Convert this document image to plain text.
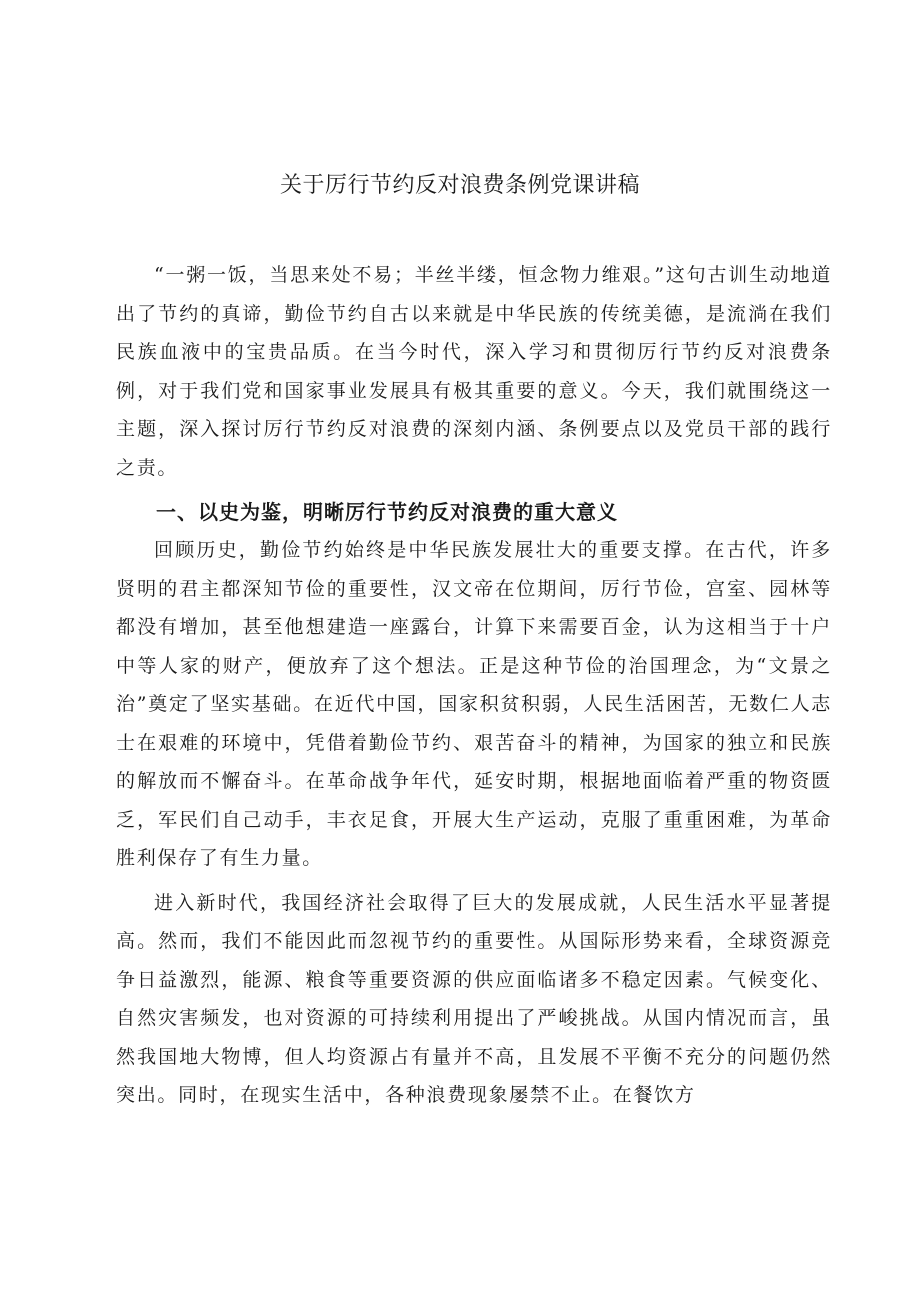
关于厉行节约反对浪费条例党课讲稿

“一粥一饭，当思来处不易；半丝半缕，恒念物力维艰。”这句古训生动地道出了节约的真谛，勤俭节约自古以来就是中华民族的传统美德，是流淌在我们民族血液中的宝贵品质。在当今时代，深入学习和贯彻厉行节约反对浪费条例，对于我们党和国家事业发展具有极其重要的意义。今天，我们就围绕这一主题，深入探讨厉行节约反对浪费的深刻内涵、条例要点以及党员干部的践行之责。

一、以史为鉴，明晰厉行节约反对浪费的重大意义

回顾历史，勤俭节约始终是中华民族发展壮大的重要支撑。在古代，许多贤明的君主都深知节俭的重要性，汉文帝在位期间，厉行节俭，宫室、园林等都没有增加，甚至他想建造一座露台，计算下来需要百金，认为这相当于十户中等人家的财产，便放弃了这个想法。正是这种节俭的治国理念，为“文景之治”奠定了坚实基础。在近代中国，国家积贫积弱，人民生活困苦，无数仁人志士在艰难的环境中，凭借着勤俭节约、艰苦奋斗的精神，为国家的独立和民族的解放而不懈奋斗。在革命战争年代，延安时期，根据地面临着严重的物资匮乏，军民们自己动手，丰衣足食，开展大生产运动，克服了重重困难，为革命胜利保存了有生力量。

进入新时代，我国经济社会取得了巨大的发展成就，人民生活水平显著提高。然而，我们不能因此而忽视节约的重要性。从国际形势来看，全球资源竞争日益激烈，能源、粮食等重要资源的供应面临诸多不稳定因素。气候变化、自然灾害频发，也对资源的可持续利用提出了严峻挑战。从国内情况而言，虽然我国地大物博，但人均资源占有量并不高，且发展不平衡不充分的问题仍然突出。同时，在现实生活中，各种浪费现象屡禁不止。在餐饮方
